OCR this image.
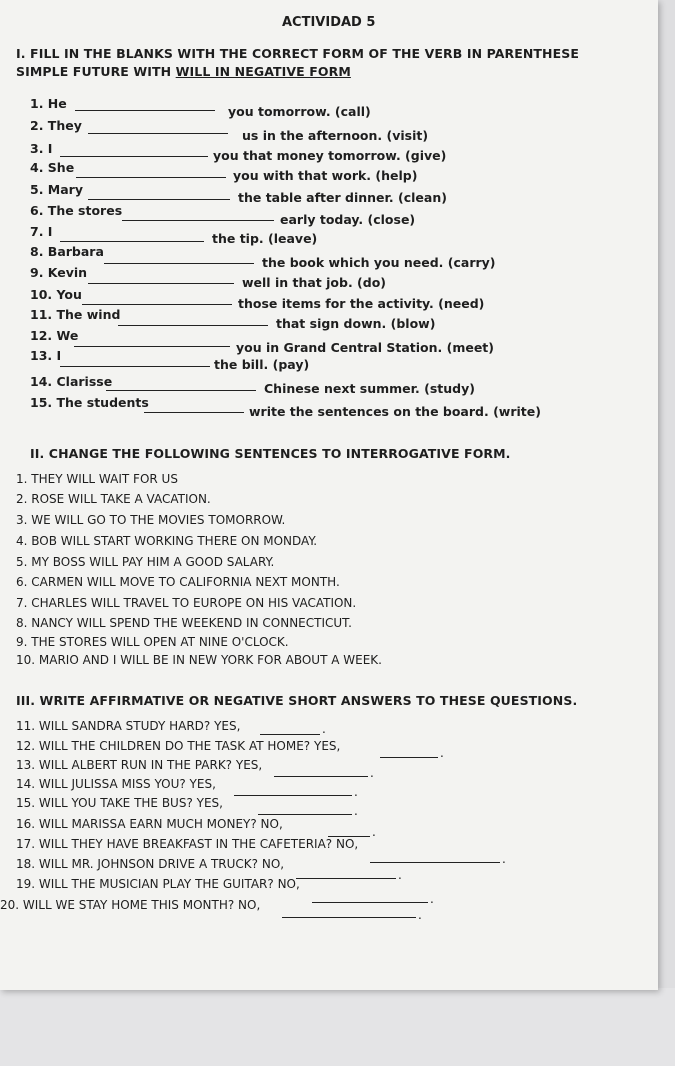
ACTIVIDAD 5
I. FILL IN THE BLANKS WITH THE CORRECT FORM OF THE VERB IN PARENTHESE
SIMPLE FUTURE WITH WILL IN NEGATIVE FORM
1. He
you tomorrow. (call)
2. They
us in the afternoon. (visit)
3. I	you that money tomorrow. (give)
4. She
you with that work. (help)
5. Mary
the table after dinner. (clean)
6. The stores
early today. (close)
7. I	the tip. (leave)
8. Barbara
the book which you need. (carry)
9. Kevin
well in that job. (do)
10. You
those items for the activity. (need)
11. The wind
that sign down. (blow)
12. We
you in Grand Central Station. (meet)
13. I
the bill. (pay)
14. Clarisse	Chinese next summer. (study)
15. The students
write the sentences on the board. (write)
II. CHANGE THE FOLLOWING SENTENCES TO INTERROGATIVE FORM.
1. THEY WILL WAIT FOR US
2. ROSE WILL TAKE A VACATION.
3. WE WILL GO TO THE MOVIES TOMORROW.
4. BOB WILL START WORKING THERE ON MONDAY.
5. MY BOSS WILL PAY HIM A GOOD SALARY.
6. CARMEN WILL MOVE TO CALIFORNIA NEXT MONTH.
7. CHARLES WILL TRAVEL TO EUROPE ON HIS VACATION.
8. NANCY WILL SPEND THE WEEKEND IN CONNECTICUT.
9. THE STORES WILL OPEN AT NINE O'CLOCK.
10. MARIO AND I WILL BE IN NEW YORK FOR ABOUT A WEEK.
III. WRITE AFFIRMATIVE OR NEGATIVE SHORT ANSWERS TO THESE QUESTIONS.
11. WILL SANDRA STUDY HARD? YES,	.
12. WILL THE CHILDREN DO THE TASK AT HOME? YES,	.
13. WILL ALBERT RUN IN THE PARK? YES,
.
14. WILL JULISSA MISS YOU? YES,
.
15. WILL YOU TAKE THE BUS? YES,
.
16. WILL MARISSA EARN MUCH MONEY? NO,
.
17. WILL THEY HAVE BREAKFAST IN THE CAFETERIA? NO,
.
18. WILL MR. JOHNSON DRIVE A TRUCK? NO,
.
19. WILL THE MUSICIAN PLAY THE GUITAR? NO,
.
20. WILL WE STAY HOME THIS MONTH? NO,
.
